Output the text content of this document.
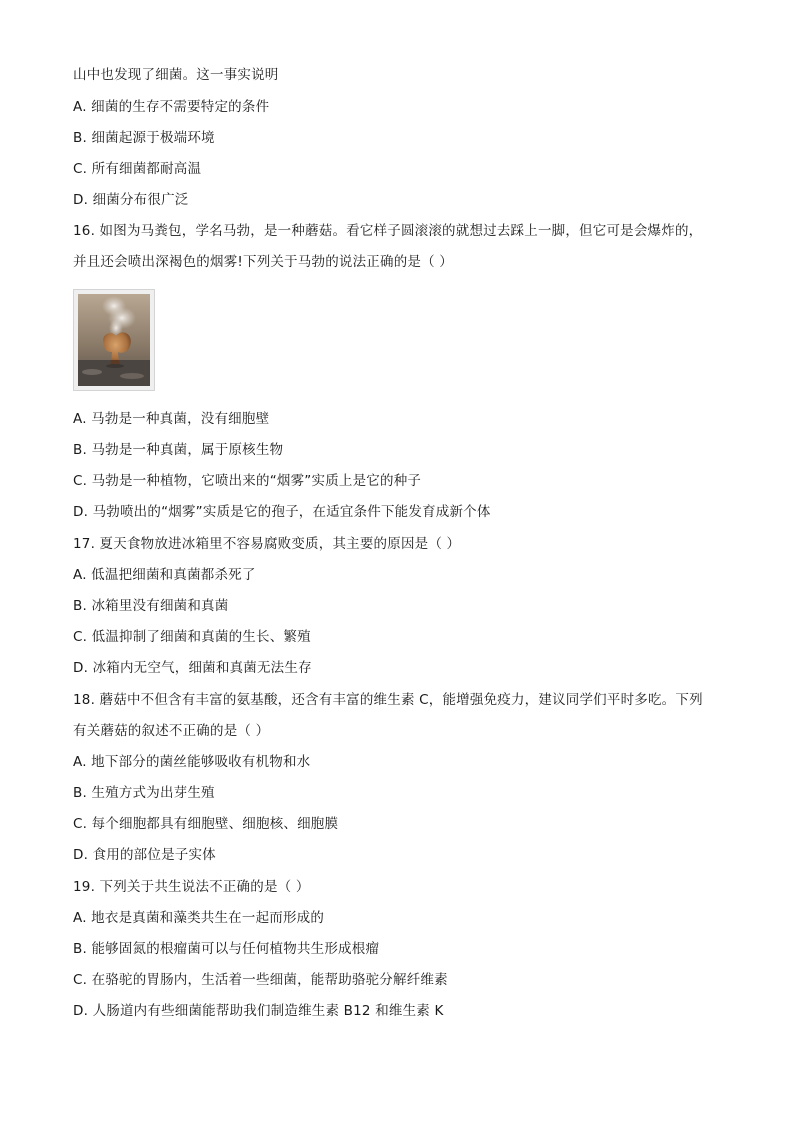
山中也发现了细菌。这一事实说明
A. 细菌的生存不需要特定的条件
B. 细菌起源于极端环境
C. 所有细菌都耐高温
D. 细菌分布很广泛
16. 如图为马粪包，学名马勃，是一种蘑菇。看它样子圆滚滚的就想过去踩上一脚，但它可是会爆炸的，
并且还会喷出深褐色的烟雾!下列关于马勃的说法正确的是（ ）
A. 马勃是一种真菌，没有细胞壁
B. 马勃是一种真菌，属于原核生物
C. 马勃是一种植物，它喷出来的“烟雾”实质上是它的种子
D. 马勃喷出的“烟雾”实质是它的孢子，在适宜条件下能发育成新个体
17. 夏天食物放进冰箱里不容易腐败变质，其主要的原因是（ ）
A. 低温把细菌和真菌都杀死了
B. 冰箱里没有细菌和真菌
C. 低温抑制了细菌和真菌的生长、繁殖
D. 冰箱内无空气，细菌和真菌无法生存
18. 蘑菇中不但含有丰富的氨基酸，还含有丰富的维生素 C，能增强免疫力，建议同学们平时多吃。下列
有关蘑菇的叙述不正确的是（ ）
A. 地下部分的菌丝能够吸收有机物和水
B. 生殖方式为出芽生殖
C. 每个细胞都具有细胞壁、细胞核、细胞膜
D. 食用的部位是子实体
19. 下列关于共生说法不正确的是（ ）
A. 地衣是真菌和藻类共生在一起而形成的
B. 能够固氮的根瘤菌可以与任何植物共生形成根瘤
C. 在骆驼的胃肠内，生活着一些细菌，能帮助骆驼分解纤维素
D. 人肠道内有些细菌能帮助我们制造维生素 B12 和维生素 K
